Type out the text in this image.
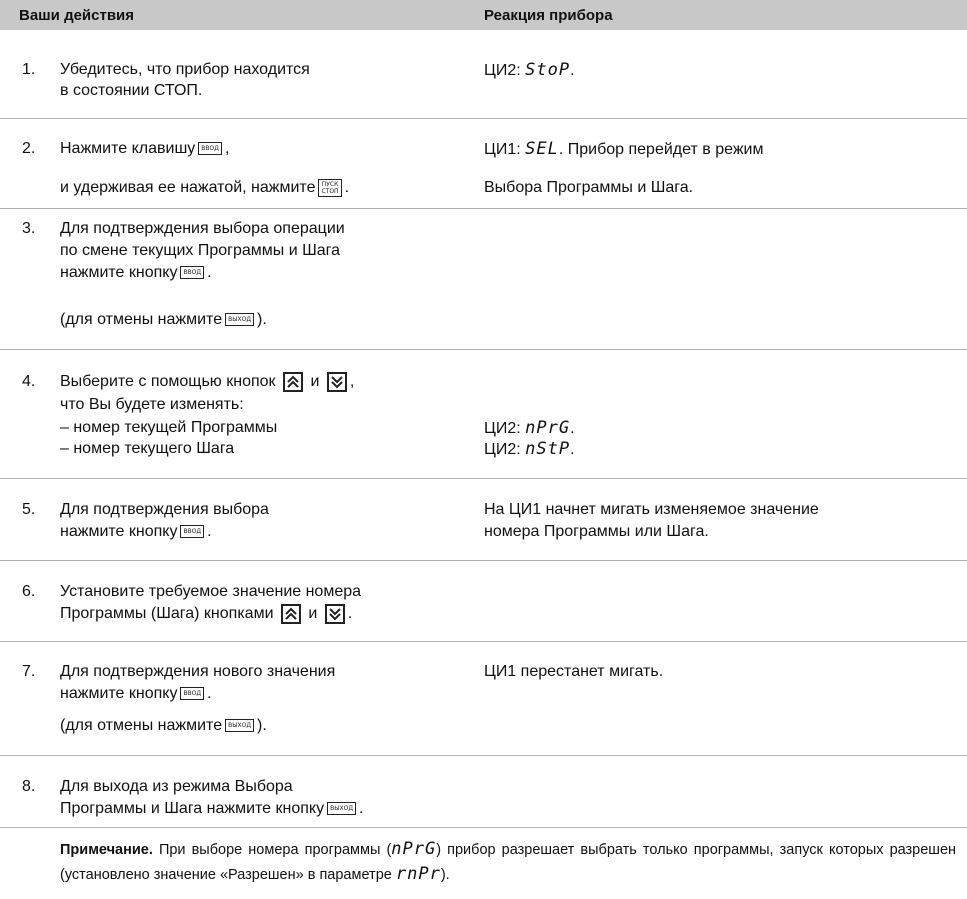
Ваши действия	Реакция прибора
1. Убедитесь, что прибор находится
в состоянии СТОП.
ЦИ2: StoP.
2. Нажмите клавишу ВВОД ,
и удерживая ее нажатой, нажмите ПУСК
СТОП .
ЦИ1: SEL. Прибор перейдет в режим
Выбора Программы и Шага.
3. Для подтверждения выбора операции
по смене текущих Программы и Шага
нажмите кнопку ВВОД .
(для отмены нажмите ВЫХОД ).
4. Выберите с помощью кнопок и ,
что Вы будете изменять:
– номер текущей Программы
– номер текущего Шага
ЦИ2: nPrG.
ЦИ2: nStP.
5. Для подтверждения выбора
нажмите кнопку ВВОД .
На ЦИ1 начнет мигать изменяемое значение
номера Программы или Шага.
6. Установите требуемое значение номера
Программы (Шага) кнопками и .
7. Для подтверждения нового значения
нажмите кнопку ВВОД .
(для отмены нажмите ВЫХОД ).
ЦИ1 перестанет мигать.
8. Для выхода из режима Выбора
Программы и Шага нажмите кнопку ВЫХОД .
Примечание. При выборе номера программы (nPrG) прибор разрешает выбрать только программы, запуск которых разрешен (установлено значение «Разрешен» в параметре rnPr).
